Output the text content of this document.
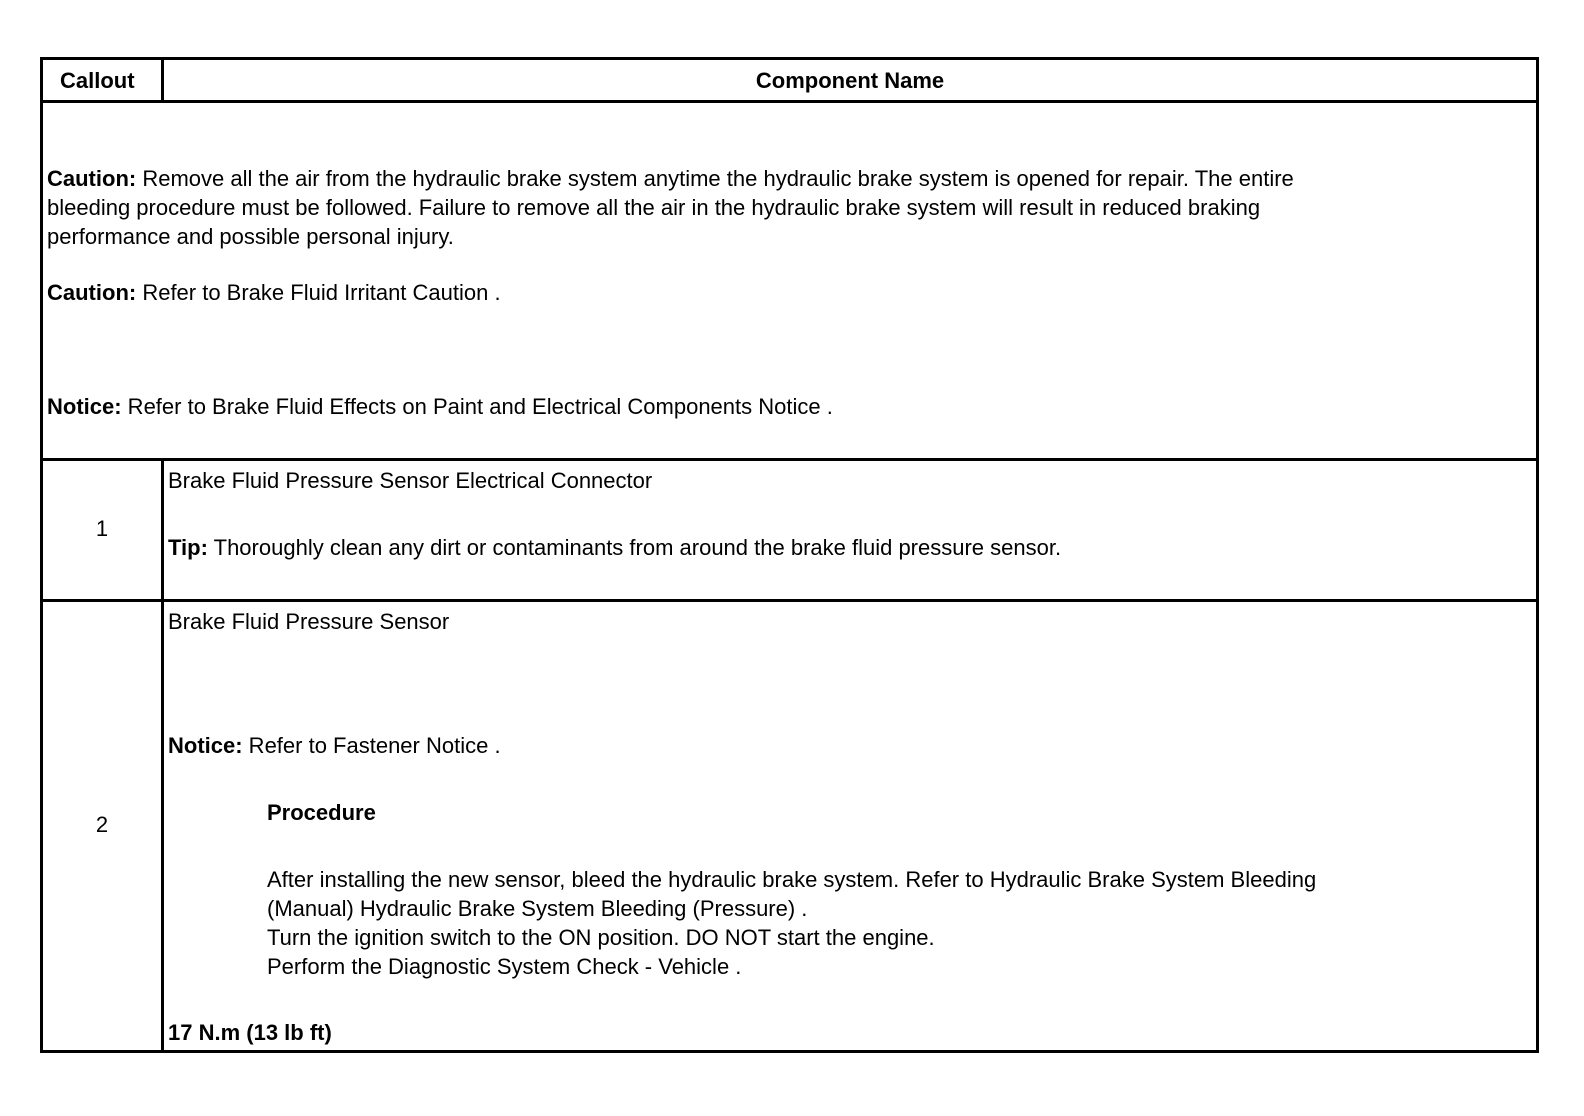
Callout	Component Name
Caution: Remove all the air from the hydraulic brake system anytime the hydraulic brake system is opened for repair. The entire
bleeding procedure must be followed. Failure to remove all the air in the hydraulic brake system will result in reduced braking
performance and possible personal injury.
Caution: Refer to Brake Fluid Irritant Caution .
Notice: Refer to Brake Fluid Effects on Paint and Electrical Components Notice .
1
Brake Fluid Pressure Sensor Electrical Connector
Tip: Thoroughly clean any dirt or contaminants from around the brake fluid pressure sensor.
2
Brake Fluid Pressure Sensor
Notice: Refer to Fastener Notice .
Procedure
After installing the new sensor, bleed the hydraulic brake system. Refer to Hydraulic Brake System Bleeding
(Manual) Hydraulic Brake System Bleeding (Pressure) .
Turn the ignition switch to the ON position. DO NOT start the engine.
Perform the Diagnostic System Check - Vehicle .
17 N.m (13 lb ft)
